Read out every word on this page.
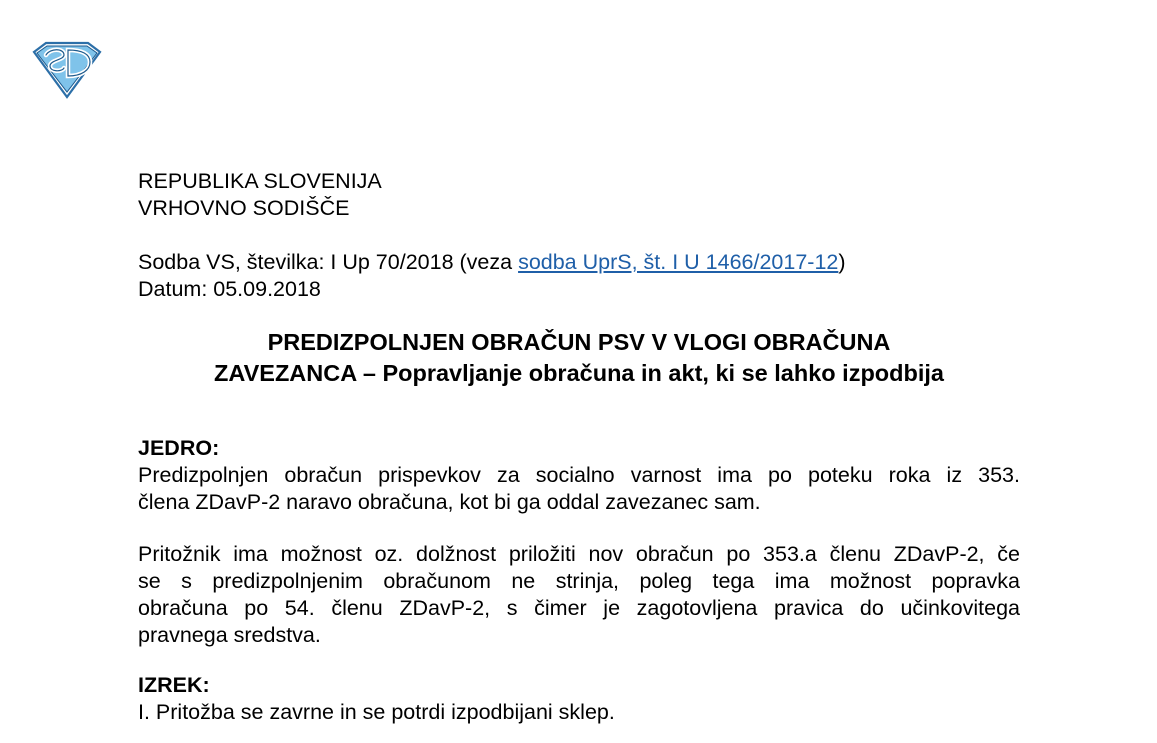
REPUBLIKA SLOVENIJA
VRHOVNO SODIŠČE
Sodba VS, številka: I Up 70/2018 (veza sodba UprS, št. I U 1466/2017-12)
Datum: 05.09.2018
PREDIZPOLNJEN OBRAČUN PSV V VLOGI OBRAČUNA
ZAVEZANCA – Popravljanje obračuna in akt, ki se lahko izpodbija
JEDRO:
Predizpolnjen obračun prispevkov za socialno varnost ima po poteku roka iz 353.
člena ZDavP-2 naravo obračuna, kot bi ga oddal zavezanec sam.
Pritožnik ima možnost oz. dolžnost priložiti nov obračun po 353.a členu ZDavP-2, če
se s predizpolnjenim obračunom ne strinja, poleg tega ima možnost popravka
obračuna po 54. členu ZDavP-2, s čimer je zagotovljena pravica do učinkovitega
pravnega sredstva.
IZREK:
I. Pritožba se zavrne in se potrdi izpodbijani sklep.
